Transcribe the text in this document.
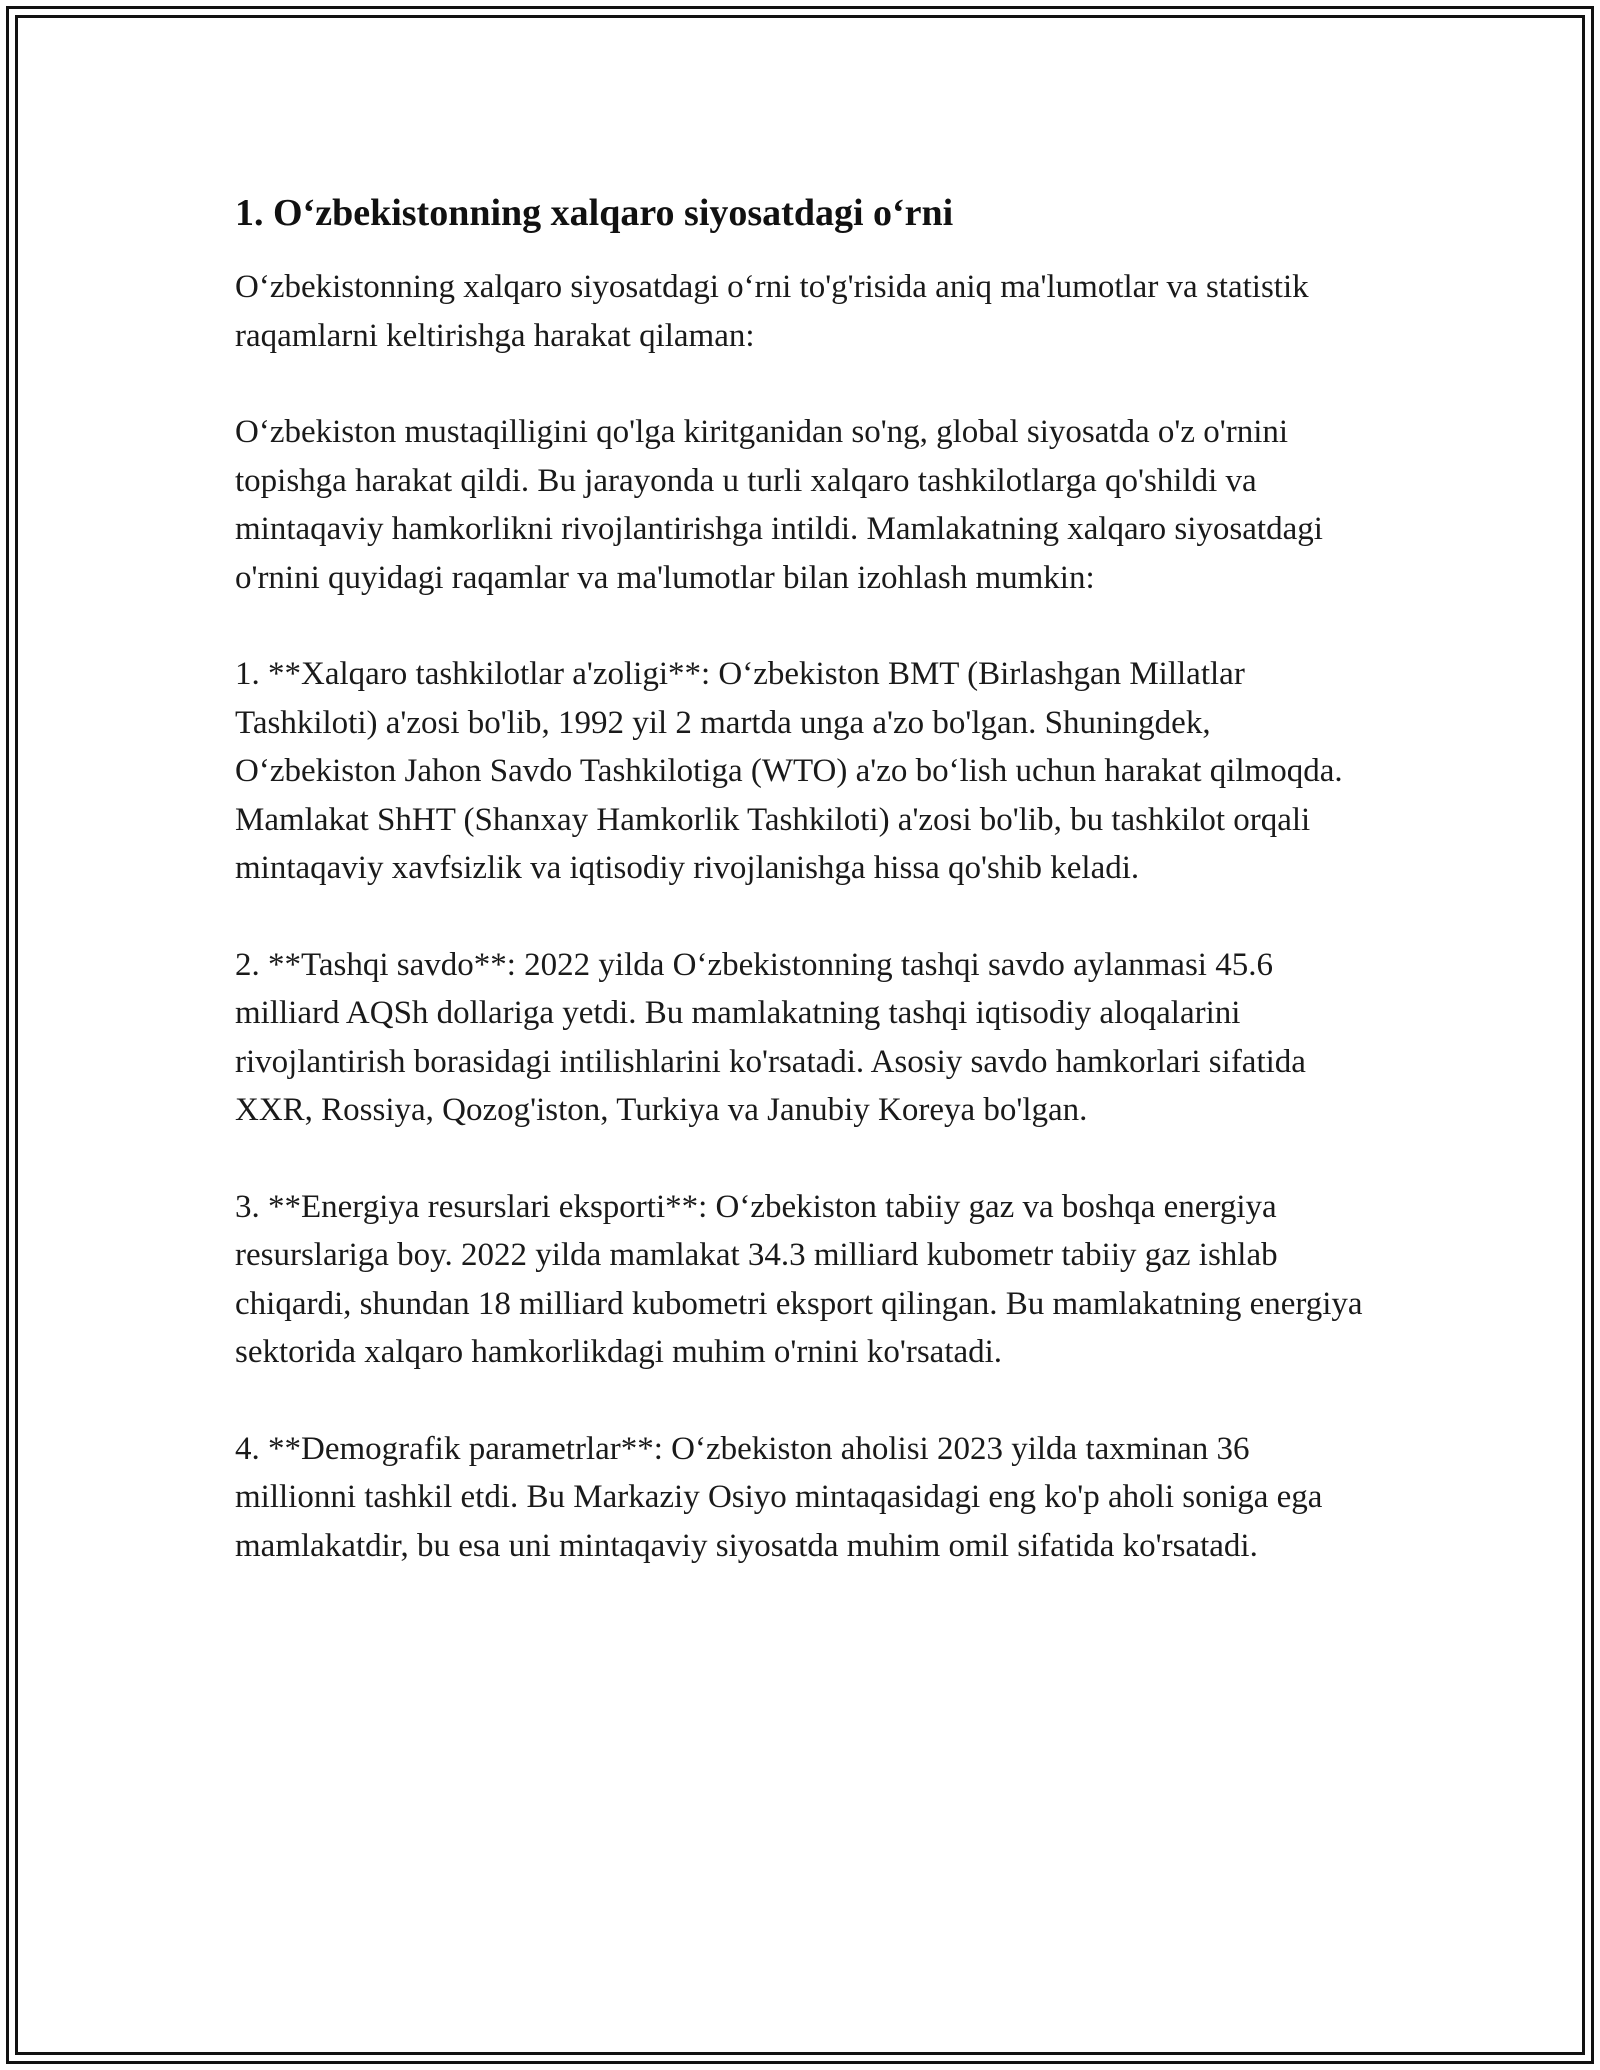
1. O‘zbekistonning xalqaro siyosatdagi o‘rni

O‘zbekistonning xalqaro siyosatdagi o‘rni to'g'risida aniq ma'lumotlar va statistik raqamlarni keltirishga harakat qilaman:

O‘zbekiston mustaqilligini qo'lga kiritganidan so'ng, global siyosatda o'z o'rnini topishga harakat qildi. Bu jarayonda u turli xalqaro tashkilotlarga qo'shildi va mintaqaviy hamkorlikni rivojlantirishga intildi. Mamlakatning xalqaro siyosatdagi o'rnini quyidagi raqamlar va ma'lumotlar bilan izohlash mumkin:

1. **Xalqaro tashkilotlar a'zoligi**: O‘zbekiston BMT (Birlashgan Millatlar Tashkiloti) a'zosi bo'lib, 1992 yil 2 martda unga a'zo bo'lgan. Shuningdek, O‘zbekiston Jahon Savdo Tashkilotiga (WTO) a'zo bo‘lish uchun harakat qilmoqda. Mamlakat ShHT (Shanxay Hamkorlik Tashkiloti) a'zosi bo'lib, bu tashkilot orqali mintaqaviy xavfsizlik va iqtisodiy rivojlanishga hissa qo'shib keladi.

2. **Tashqi savdo**: 2022 yilda O‘zbekistonning tashqi savdo aylanmasi 45.6 milliard AQSh dollariga yetdi. Bu mamlakatning tashqi iqtisodiy aloqalarini rivojlantirish borasidagi intilishlarini ko'rsatadi. Asosiy savdo hamkorlari sifatida XXR, Rossiya, Qozog'iston, Turkiya va Janubiy Koreya bo'lgan.

3. **Energiya resurslari eksporti**: O‘zbekiston tabiiy gaz va boshqa energiya resurslariga boy. 2022 yilda mamlakat 34.3 milliard kubometr tabiiy gaz ishlab chiqardi, shundan 18 milliard kubometri eksport qilingan. Bu mamlakatning energiya sektorida xalqaro hamkorlikdagi muhim o'rnini ko'rsatadi.

4. **Demografik parametrlar**: O‘zbekiston aholisi 2023 yilda taxminan 36 millionni tashkil etdi. Bu Markaziy Osiyo mintaqasidagi eng ko'p aholi soniga ega mamlakatdir, bu esa uni mintaqaviy siyosatda muhim omil sifatida ko'rsatadi.
